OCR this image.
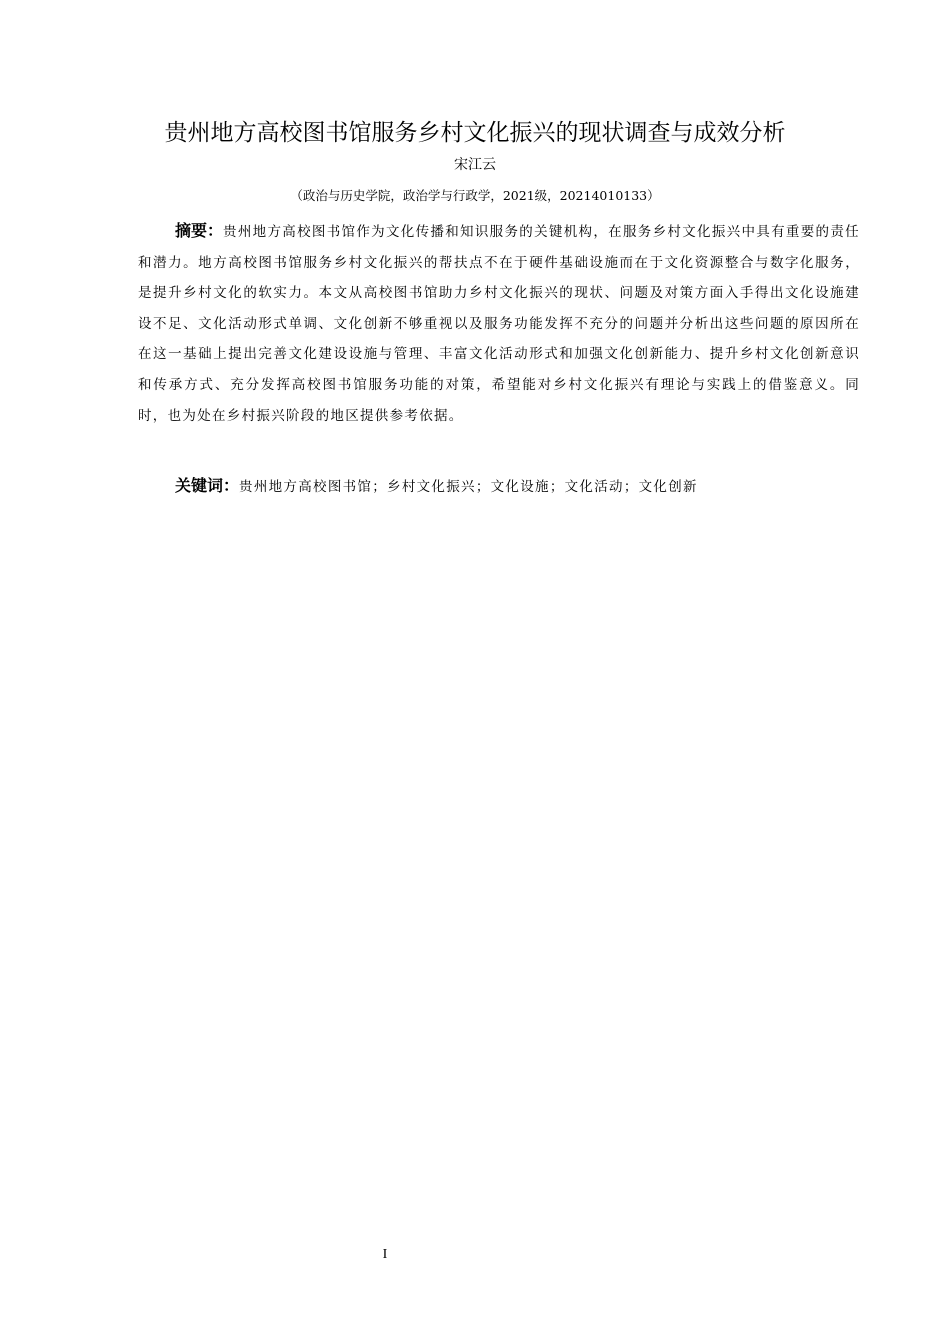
贵州地方高校图书馆服务乡村文化振兴的现状调查与成效分析
宋江云
（政治与历史学院，政治学与行政学，2021级，20214010133）

摘要：贵州地方高校图书馆作为文化传播和知识服务的关键机构，在服务乡村文化振兴中具有重要的责任和潜力。地方高校图书馆服务乡村文化振兴的帮扶点不在于硬件基础设施而在于文化资源整合与数字化服务，是提升乡村文化的软实力。本文从高校图书馆助力乡村文化振兴的现状、问题及对策方面入手得出文化设施建设不足、文化活动形式单调、文化创新不够重视以及服务功能发挥不充分的问题并分析出这些问题的原因所在在这一基础上提出完善文化建设设施与管理、丰富文化活动形式和加强文化创新能力、提升乡村文化创新意识和传承方式、充分发挥高校图书馆服务功能的对策，希望能对乡村文化振兴有理论与实践上的借鉴意义。同时，也为处在乡村振兴阶段的地区提供参考依据。

关键词：贵州地方高校图书馆；乡村文化振兴；文化设施；文化活动；文化创新

I
